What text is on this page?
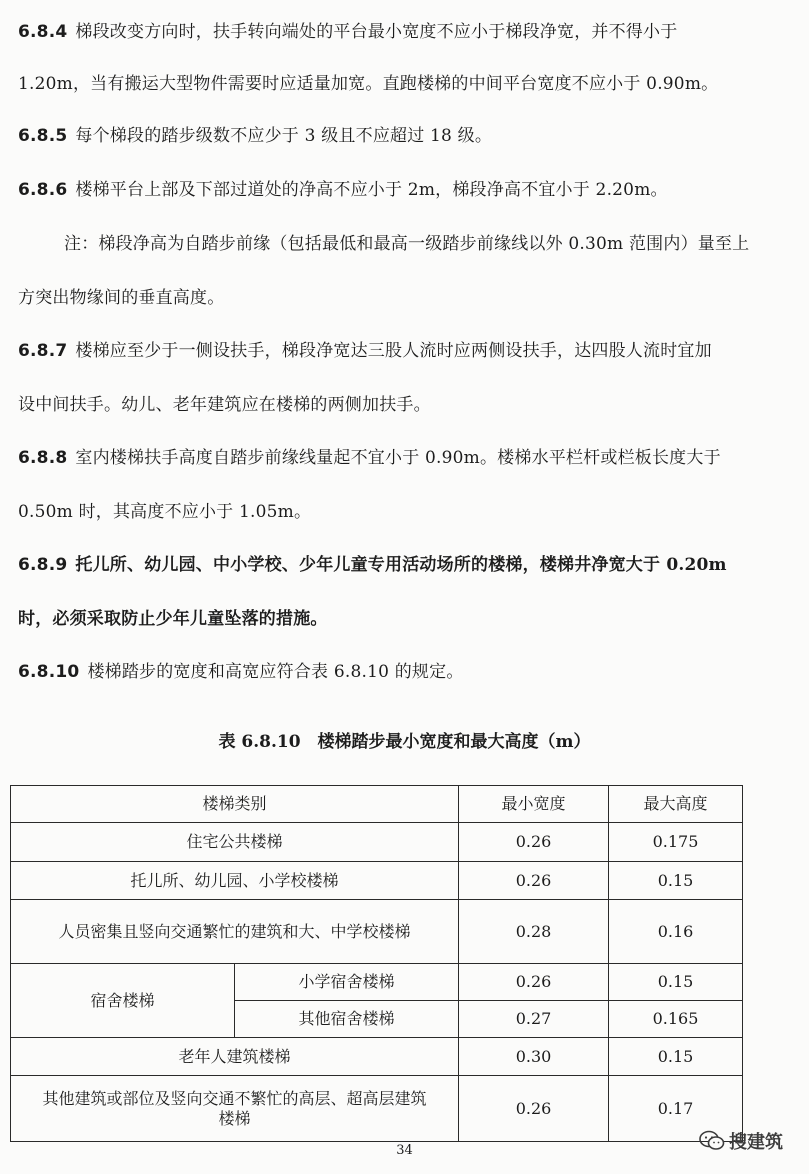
6.8.4 梯段改变方向时，扶手转向端处的平台最小宽度不应小于梯段净宽，并不得小于
1.20m，当有搬运大型物件需要时应适量加宽。直跑楼梯的中间平台宽度不应小于 0.90m。
6.8.5 每个梯段的踏步级数不应少于 3 级且不应超过 18 级。
6.8.6 楼梯平台上部及下部过道处的净高不应小于 2m，梯段净高不宜小于 2.20m。
注：梯段净高为自踏步前缘（包括最低和最高一级踏步前缘线以外 0.30m 范围内）量至上
方突出物缘间的垂直高度。
6.8.7 楼梯应至少于一侧设扶手，梯段净宽达三股人流时应两侧设扶手，达四股人流时宜加
设中间扶手。幼儿、老年建筑应在楼梯的两侧加扶手。
6.8.8 室内楼梯扶手高度自踏步前缘线量起不宜小于 0.90m。楼梯水平栏杆或栏板长度大于
0.50m 时，其高度不应小于 1.05m。
6.8.9 托儿所、幼儿园、中小学校、少年儿童专用活动场所的楼梯，楼梯井净宽大于 0.20m
时，必须采取防止少年儿童坠落的措施。
6.8.10 楼梯踏步的宽度和高宽应符合表 6.8.10 的规定。
表 6.8.10　楼梯踏步最小宽度和最大高度（m）
楼梯类别		最小宽度	最大高度
住宅公共楼梯		0.26	0.175
托儿所、幼儿园、小学校楼梯		0.26	0.15
人员密集且竖向交通繁忙的建筑和大、中学校楼梯		0.28	0.16
宿舍楼梯	小学宿舍楼梯	0.26	0.15
	其他宿舍楼梯	0.27	0.165
老年人建筑楼梯		0.30	0.15
其他建筑或部位及竖向交通不繁忙的高层、超高层建筑楼梯		0.26	0.17
34	搜建筑
